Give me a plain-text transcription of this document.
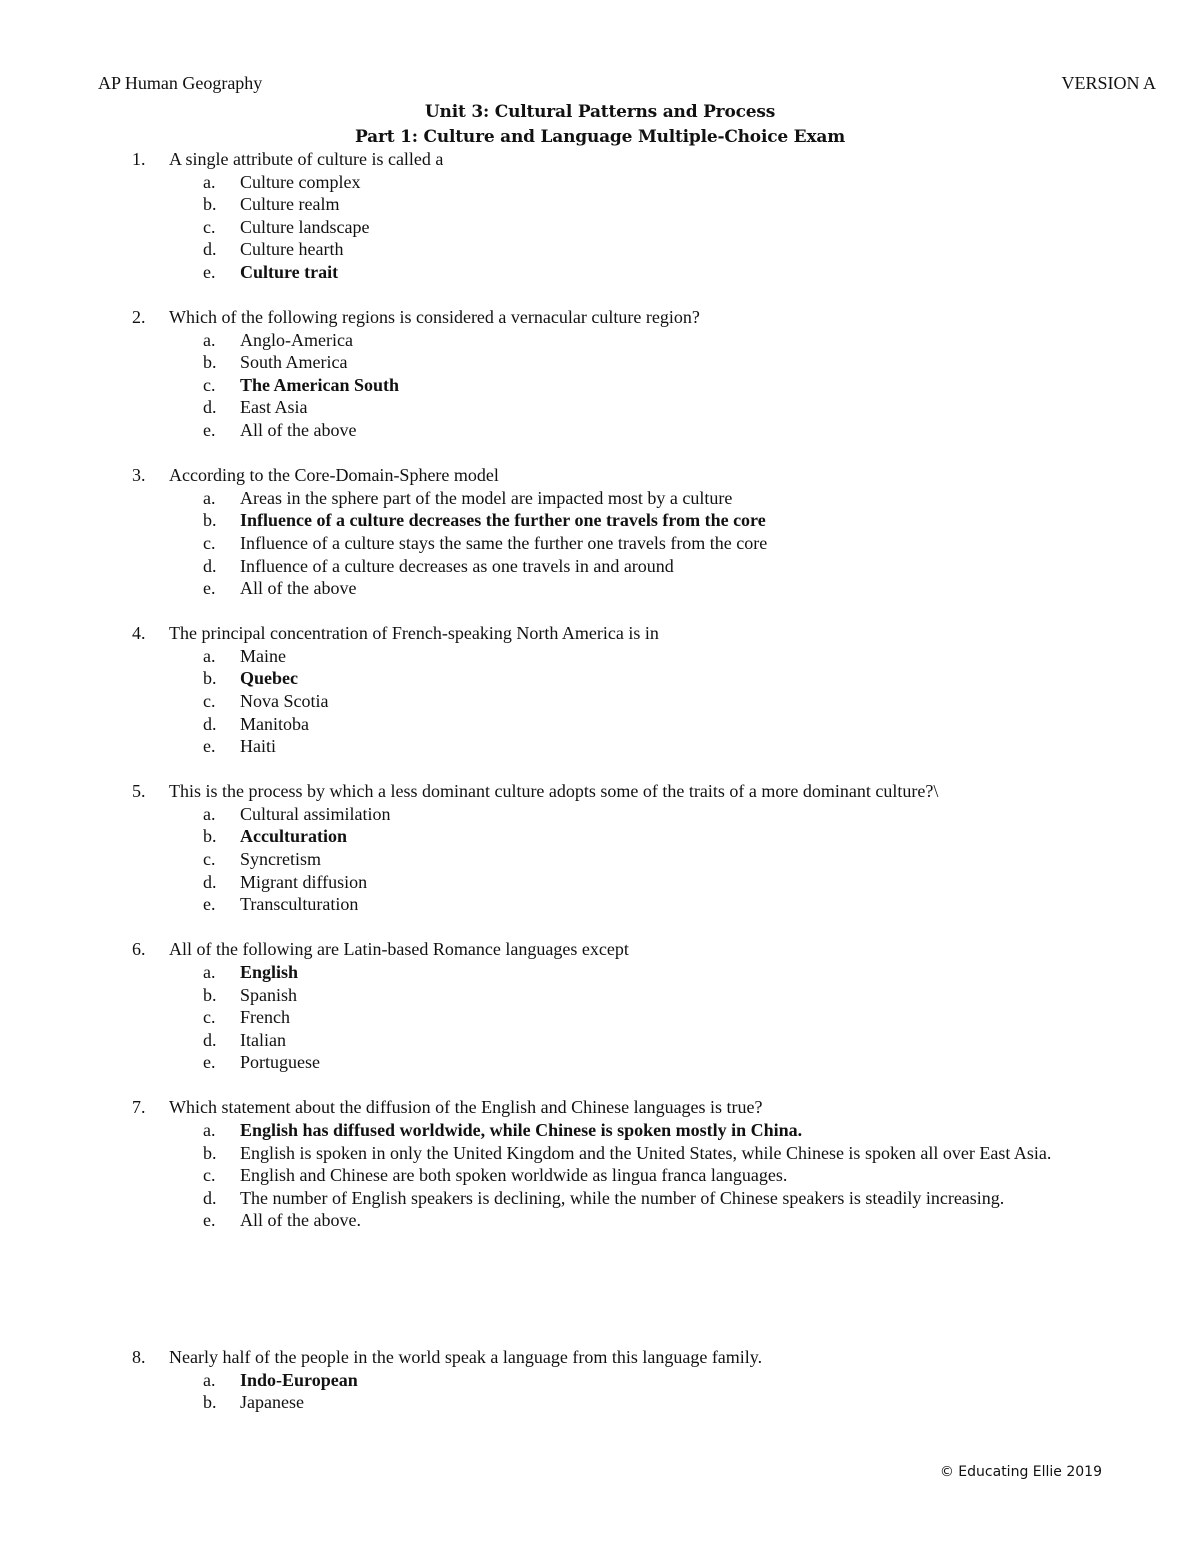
AP Human Geography	VERSION A
Unit 3: Cultural Patterns and Process
Part 1: Culture and Language Multiple-Choice Exam
1. A single attribute of culture is called a
a. Culture complex
b. Culture realm
c. Culture landscape
d. Culture hearth
e. Culture trait
2. Which of the following regions is considered a vernacular culture region?
a. Anglo-America
b. South America
c. The American South
d. East Asia
e. All of the above
3. According to the Core-Domain-Sphere model
a. Areas in the sphere part of the model are impacted most by a culture
b. Influence of a culture decreases the further one travels from the core
c. Influence of a culture stays the same the further one travels from the core
d. Influence of a culture decreases as one travels in and around
e. All of the above
4. The principal concentration of French-speaking North America is in
a. Maine
b. Quebec
c. Nova Scotia
d. Manitoba
e. Haiti
5. This is the process by which a less dominant culture adopts some of the traits of a more dominant culture?\
a. Cultural assimilation
b. Acculturation
c. Syncretism
d. Migrant diffusion
e. Transculturation
6. All of the following are Latin-based Romance languages except
a. English
b. Spanish
c. French
d. Italian
e. Portuguese
7. Which statement about the diffusion of the English and Chinese languages is true?
a. English has diffused worldwide, while Chinese is spoken mostly in China.
b. English is spoken in only the United Kingdom and the United States, while Chinese is spoken all over East Asia.
c. English and Chinese are both spoken worldwide as lingua franca languages.
d. The number of English speakers is declining, while the number of Chinese speakers is steadily increasing.
e. All of the above.
8. Nearly half of the people in the world speak a language from this language family.
a. Indo-European
b. Japanese
© Educating Ellie 2019
